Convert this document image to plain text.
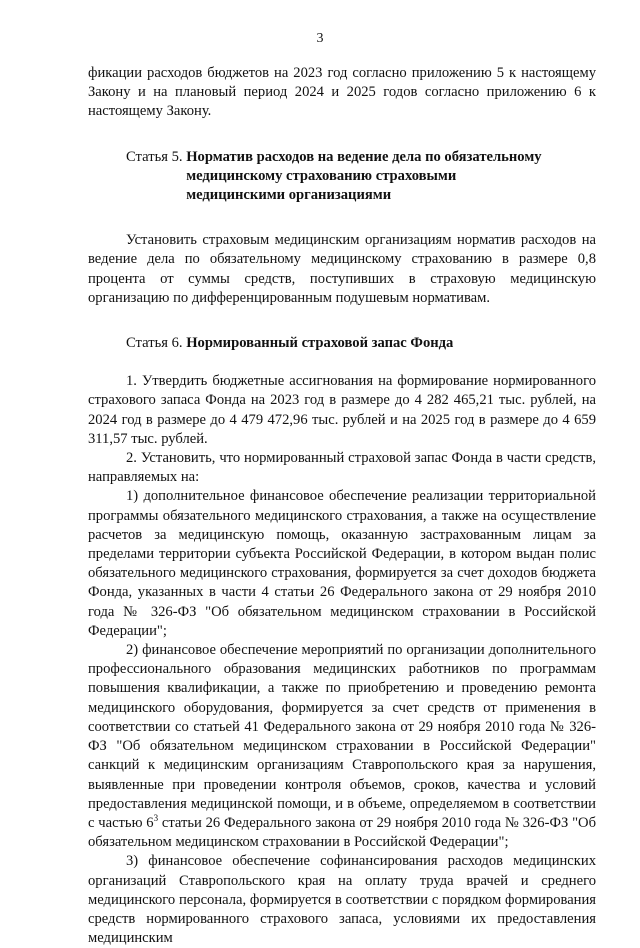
3

фикации расходов бюджетов на 2023 год согласно приложению 5 к настоящему Закону и на плановый период 2024 и 2025 годов согласно приложению 6 к настоящему Закону.

Статья 5. Норматив расходов на ведение дела по обязательному медицинскому страхованию страховыми медицинскими организациями

Установить страховым медицинским организациям норматив расходов на ведение дела по обязательному медицинскому страхованию в размере 0,8 процента от суммы средств, поступивших в страховую медицинскую организацию по дифференцированным подушевым нормативам.

Статья 6. Нормированный страховой запас Фонда

1. Утвердить бюджетные ассигнования на формирование нормированного страхового запаса Фонда на 2023 год в размере до 4 282 465,21 тыс. рублей, на 2024 год в размере до 4 479 472,96 тыс. рублей и на 2025 год в размере до 4 659 311,57 тыс. рублей.

2. Установить, что нормированный страховой запас Фонда в части средств, направляемых на:

1) дополнительное финансовое обеспечение реализации территориальной программы обязательного медицинского страхования, а также на осуществление расчетов за медицинскую помощь, оказанную застрахованным лицам за пределами территории субъекта Российской Федерации, в котором выдан полис обязательного медицинского страхования, формируется за счет доходов бюджета Фонда, указанных в части 4 статьи 26 Федерального закона от 29 ноября 2010 года № 326-ФЗ "Об обязательном медицинском страховании в Российской Федерации";

2) финансовое обеспечение мероприятий по организации дополнительного профессионального образования медицинских работников по программам повышения квалификации, а также по приобретению и проведению ремонта медицинского оборудования, формируется за счет средств от применения в соответствии со статьей 41 Федерального закона от 29 ноября 2010 года № 326-ФЗ "Об обязательном медицинском страховании в Российской Федерации" санкций к медицинским организациям Ставропольского края за нарушения, выявленные при проведении контроля объемов, сроков, качества и условий предоставления медицинской помощи, и в объеме, определяемом в соответствии с частью $6^3$ статьи 26 Федерального закона от 29 ноября 2010 года № 326-ФЗ "Об обязательном медицинском страховании в Российской Федерации";

3) финансовое обеспечение софинансирования расходов медицинских организаций Ставропольского края на оплату труда врачей и среднего медицинского персонала, формируется в соответствии с порядком формирования средств нормированного страхового запаса, условиями их предоставления медицинским
